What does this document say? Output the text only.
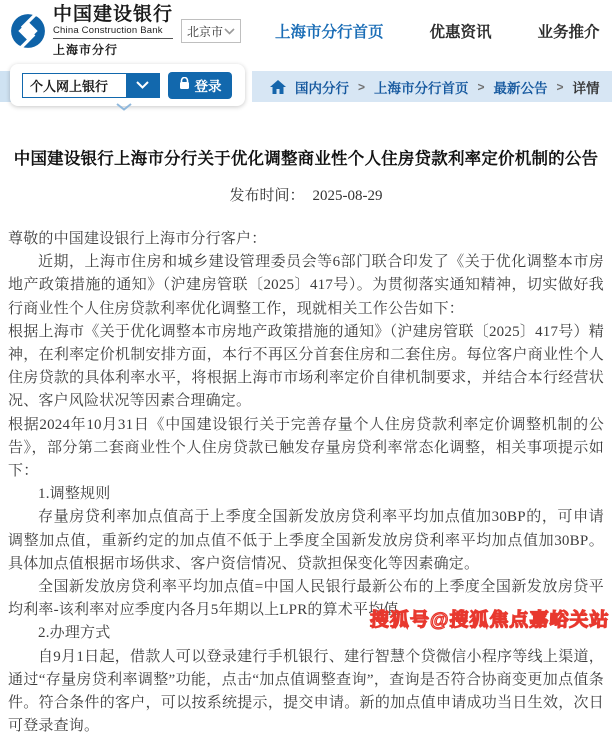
中国建设银行
China Construction Bank
上海市分行
北京市	上海市分行首页	优惠资讯	业务推介
国内分行 > 上海市分行首页 > 最新公告 > 详情
个人网上银行	登录
中国建设银行上海市分行关于优化调整商业性个人住房贷款利率定价机制的公告
发布时间： 2025-08-29

尊敬的中国建设银行上海市分行客户：

近期，上海市住房和城乡建设管理委员会等6部门联合印发了《关于优化调整本市房地产政策措施的通知》（沪建房管联〔2025〕417号）。为贯彻落实通知精神，切实做好我行商业性个人住房贷款利率优化调整工作，现就相关工作公告如下：

根据上海市《关于优化调整本市房地产政策措施的通知》（沪建房管联〔2025〕417号）精神，在利率定价机制安排方面，本行不再区分首套住房和二套住房。每位客户商业性个人住房贷款的具体利率水平，将根据上海市市场利率定价自律机制要求，并结合本行经营状况、客户风险状况等因素合理确定。

根据2024年10月31日《中国建设银行关于完善存量个人住房贷款利率定价调整机制的公告》，部分第二套商业性个人住房贷款已触发存量房贷利率常态化调整，相关事项提示如下：

1.调整规则

存量房贷利率加点值高于上季度全国新发放房贷利率平均加点值加30BP的，可申请调整加点值，重新约定的加点值不低于上季度全国新发放房贷利率平均加点值加30BP。具体加点值根据市场供求、客户资信情况、贷款担保变化等因素确定。

全国新发放房贷利率平均加点值=中国人民银行最新公布的上季度全国新发放房贷平均利率-该利率对应季度内各月5年期以上LPR的算术平均值。

2.办理方式

自9月1日起，借款人可以登录建行手机银行、建行智慧个贷微信小程序等线上渠道，通过“存量房贷利率调整”功能，点击“加点值调整查询”，查询是否符合协商变更加点值条件。符合条件的客户，可以按系统提示，提交申请。新的加点值申请成功当日生效，次日可登录查询。

搜狐号@搜狐焦点嘉峪关站
